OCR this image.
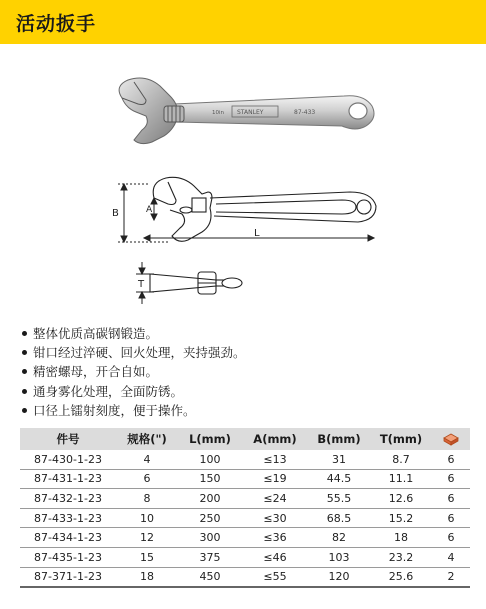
活动扳手
10in STANLEY	87-433
B	A
L
T
整体优质高碳钢锻造。
钳口经过淬硬、回火处理，夹持强劲。
精密螺母，开合自如。
通身雾化处理，全面防锈。
口径上镭射刻度，便于操作。
件号	规格(")	L(mm)	A(mm)	B(mm)	T(mm)	
87-430-1-23	4	100	≤13	31	8.7	6
87-431-1-23	6	150	≤19	44.5	11.1	6
87-432-1-23	8	200	≤24	55.5	12.6	6
87-433-1-23	10	250	≤30	68.5	15.2	6
87-434-1-23	12	300	≤36	82	18	6
87-435-1-23	15	375	≤46	103	23.2	4
87-371-1-23	18	450	≤55	120	25.6	2
